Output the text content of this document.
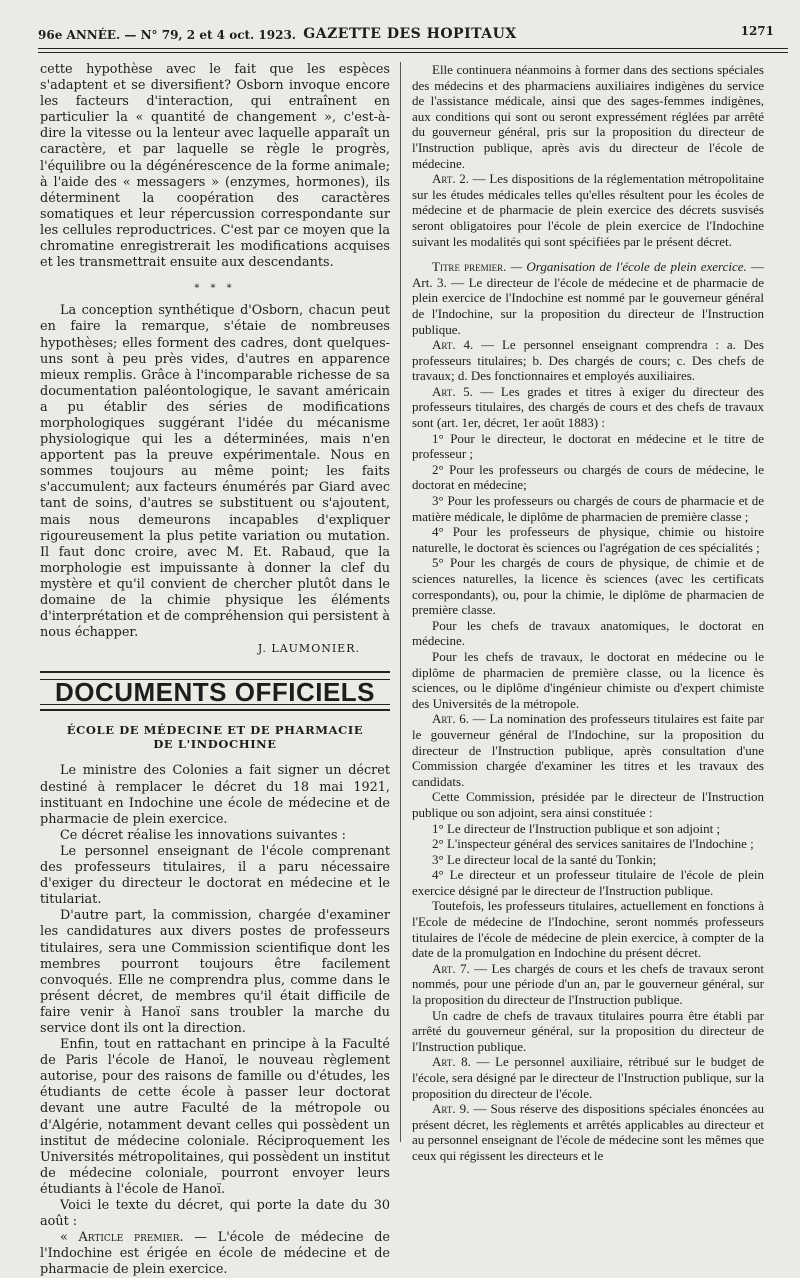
96e ANNÉE. — N° 79, 2 et 4 oct. 1923. GAZETTE DES HOPITAUX	1271

cette hypothèse avec le fait que les espèces s'adaptent et se diversifient? Osborn invoque encore les facteurs d'interaction, qui entraînent en particulier la « quantité de changement », c'est-à-dire la vitesse ou la lenteur avec laquelle apparaît un caractère, et par laquelle se règle le progrès, l'équilibre ou la dégénérescence de la forme animale; à l'aide des « messagers » (enzymes, hormones), ils déterminent la coopération des caractères somatiques et leur répercussion correspondante sur les cellules reproductrices. C'est par ce moyen que la chromatine enregistrerait les modifications acquises et les transmettrait ensuite aux descendants.

* * *

La conception synthétique d'Osborn, chacun peut en faire la remarque, s'étaie de nombreuses hypothèses; elles forment des cadres, dont quelques-uns sont à peu près vides, d'autres en apparence mieux remplis. Grâce à l'incomparable richesse de sa documentation paléontologique, le savant américain a pu établir des séries de modifications morphologiques suggérant l'idée du mécanisme physiologique qui les a déterminées, mais n'en apportent pas la preuve expérimentale. Nous en sommes toujours au même point; les faits s'accumulent; aux facteurs énumérés par Giard avec tant de soins, d'autres se substituent ou s'ajoutent, mais nous demeurons incapables d'expliquer rigoureusement la plus petite variation ou mutation. Il faut donc croire, avec M. Et. Rabaud, que la morphologie est impuissante à donner la clef du mystère et qu'il convient de chercher plutôt dans le domaine de la chimie physique les éléments d'interprétation et de compréhension qui persistent à nous échapper.

J. LAUMONIER.
DOCUMENTS OFFICIELS
ÉCOLE DE MÉDECINE ET DE PHARMACIE
DE L'INDOCHINE

Le ministre des Colonies a fait signer un décret destiné à remplacer le décret du 18 mai 1921, instituant en Indochine une école de médecine et de pharmacie de plein exercice.

Ce décret réalise les innovations suivantes :

Le personnel enseignant de l'école comprenant des professeurs titulaires, il a paru nécessaire d'exiger du directeur le doctorat en médecine et le titulariat.

D'autre part, la commission, chargée d'examiner les candidatures aux divers postes de professeurs titulaires, sera une Commission scientifique dont les membres pourront toujours être facilement convoqués. Elle ne comprendra plus, comme dans le présent décret, de membres qu'il était difficile de faire venir à Hanoï sans troubler la marche du service dont ils ont la direction.

Enfin, tout en rattachant en principe à la Faculté de Paris l'école de Hanoï, le nouveau règlement autorise, pour des raisons de famille ou d'études, les étudiants de cette école à passer leur doctorat devant une autre Faculté de la métropole ou d'Algérie, notamment devant celles qui possèdent un institut de médecine coloniale. Réciproquement les Universités métropolitaines, qui possèdent un institut de médecine coloniale, pourront envoyer leurs étudiants à l'école de Hanoï.

Voici le texte du décret, qui porte la date du 30 août :

« Article premier. — L'école de médecine de l'Indochine est érigée en école de médecine et de pharmacie de plein exercice.

Elle continuera néanmoins à former dans des sections spéciales des médecins et des pharmaciens auxiliaires indigènes du service de l'assistance médicale, ainsi que des sages-femmes indigènes, aux conditions qui sont ou seront expressément réglées par arrêté du gouverneur général, pris sur la proposition du directeur de l'Instruction publique, après avis du directeur de l'école de médecine.

Art. 2. — Les dispositions de la réglementation métropolitaine sur les études médicales telles qu'elles résultent pour les écoles de médecine et de pharmacie de plein exercice des décrets susvisés seront obligatoires pour l'école de plein exercice de l'Indochine suivant les modalités qui sont spécifiées par le présent décret.

Titre premier. — Organisation de l'école de plein exercice. — Art. 3. — Le directeur de l'école de médecine et de pharmacie de plein exercice de l'Indochine est nommé par le gouverneur général de l'Indochine, sur la proposition du directeur de l'Instruction publique.

Art. 4. — Le personnel enseignant comprendra : a. Des professeurs titulaires; b. Des chargés de cours; c. Des chefs de travaux; d. Des fonctionnaires et employés auxiliaires.

Art. 5. — Les grades et titres à exiger du directeur des professeurs titulaires, des chargés de cours et des chefs de travaux sont (art. 1er, décret, 1er août 1883) :

1° Pour le directeur, le doctorat en médecine et le titre de professeur ;

2° Pour les professeurs ou chargés de cours de médecine, le doctorat en médecine;

3° Pour les professeurs ou chargés de cours de pharmacie et de matière médicale, le diplôme de pharmacien de première classe ;

4° Pour les professeurs de physique, chimie ou histoire naturelle, le doctorat ès sciences ou l'agrégation de ces spécialités ;

5° Pour les chargés de cours de physique, de chimie et de sciences naturelles, la licence ès sciences (avec les certificats correspondants), ou, pour la chimie, le diplôme de pharmacien de première classe.

Pour les chefs de travaux anatomiques, le doctorat en médecine.

Pour les chefs de travaux, le doctorat en médecine ou le diplôme de pharmacien de première classe, ou la licence ès sciences, ou le diplôme d'ingénieur chimiste ou d'expert chimiste des Universités de la métropole.

Art. 6. — La nomination des professeurs titulaires est faite par le gouverneur général de l'Indochine, sur la proposition du directeur de l'Instruction publique, après consultation d'une Commission chargée d'examiner les titres et les travaux des candidats.

Cette Commission, présidée par le directeur de l'Instruction publique ou son adjoint, sera ainsi constituée :

1° Le directeur de l'Instruction publique et son adjoint ;

2° L'inspecteur général des services sanitaires de l'Indochine ;

3° Le directeur local de la santé du Tonkin;

4° Le directeur et un professeur titulaire de l'école de plein exercice désigné par le directeur de l'Instruction publique.

Toutefois, les professeurs titulaires, actuellement en fonctions à l'Ecole de médecine de l'Indochine, seront nommés professeurs titulaires de l'école de médecine de plein exercice, à compter de la date de la promulgation en Indochine du présent décret.

Art. 7. — Les chargés de cours et les chefs de travaux seront nommés, pour une période d'un an, par le gouverneur général, sur la proposition du directeur de l'Instruction publique.

Un cadre de chefs de travaux titulaires pourra être établi par arrêté du gouverneur général, sur la proposition du directeur de l'Instruction publique.

Art. 8. — Le personnel auxiliaire, rétribué sur le budget de l'école, sera désigné par le directeur de l'Instruction publique, sur la proposition du directeur de l'école.

Art. 9. — Sous réserve des dispositions spéciales énoncées au présent décret, les règlements et arrêtés applicables au directeur et au personnel enseignant de l'école de médecine sont les mêmes que ceux qui régissent les directeurs et le
